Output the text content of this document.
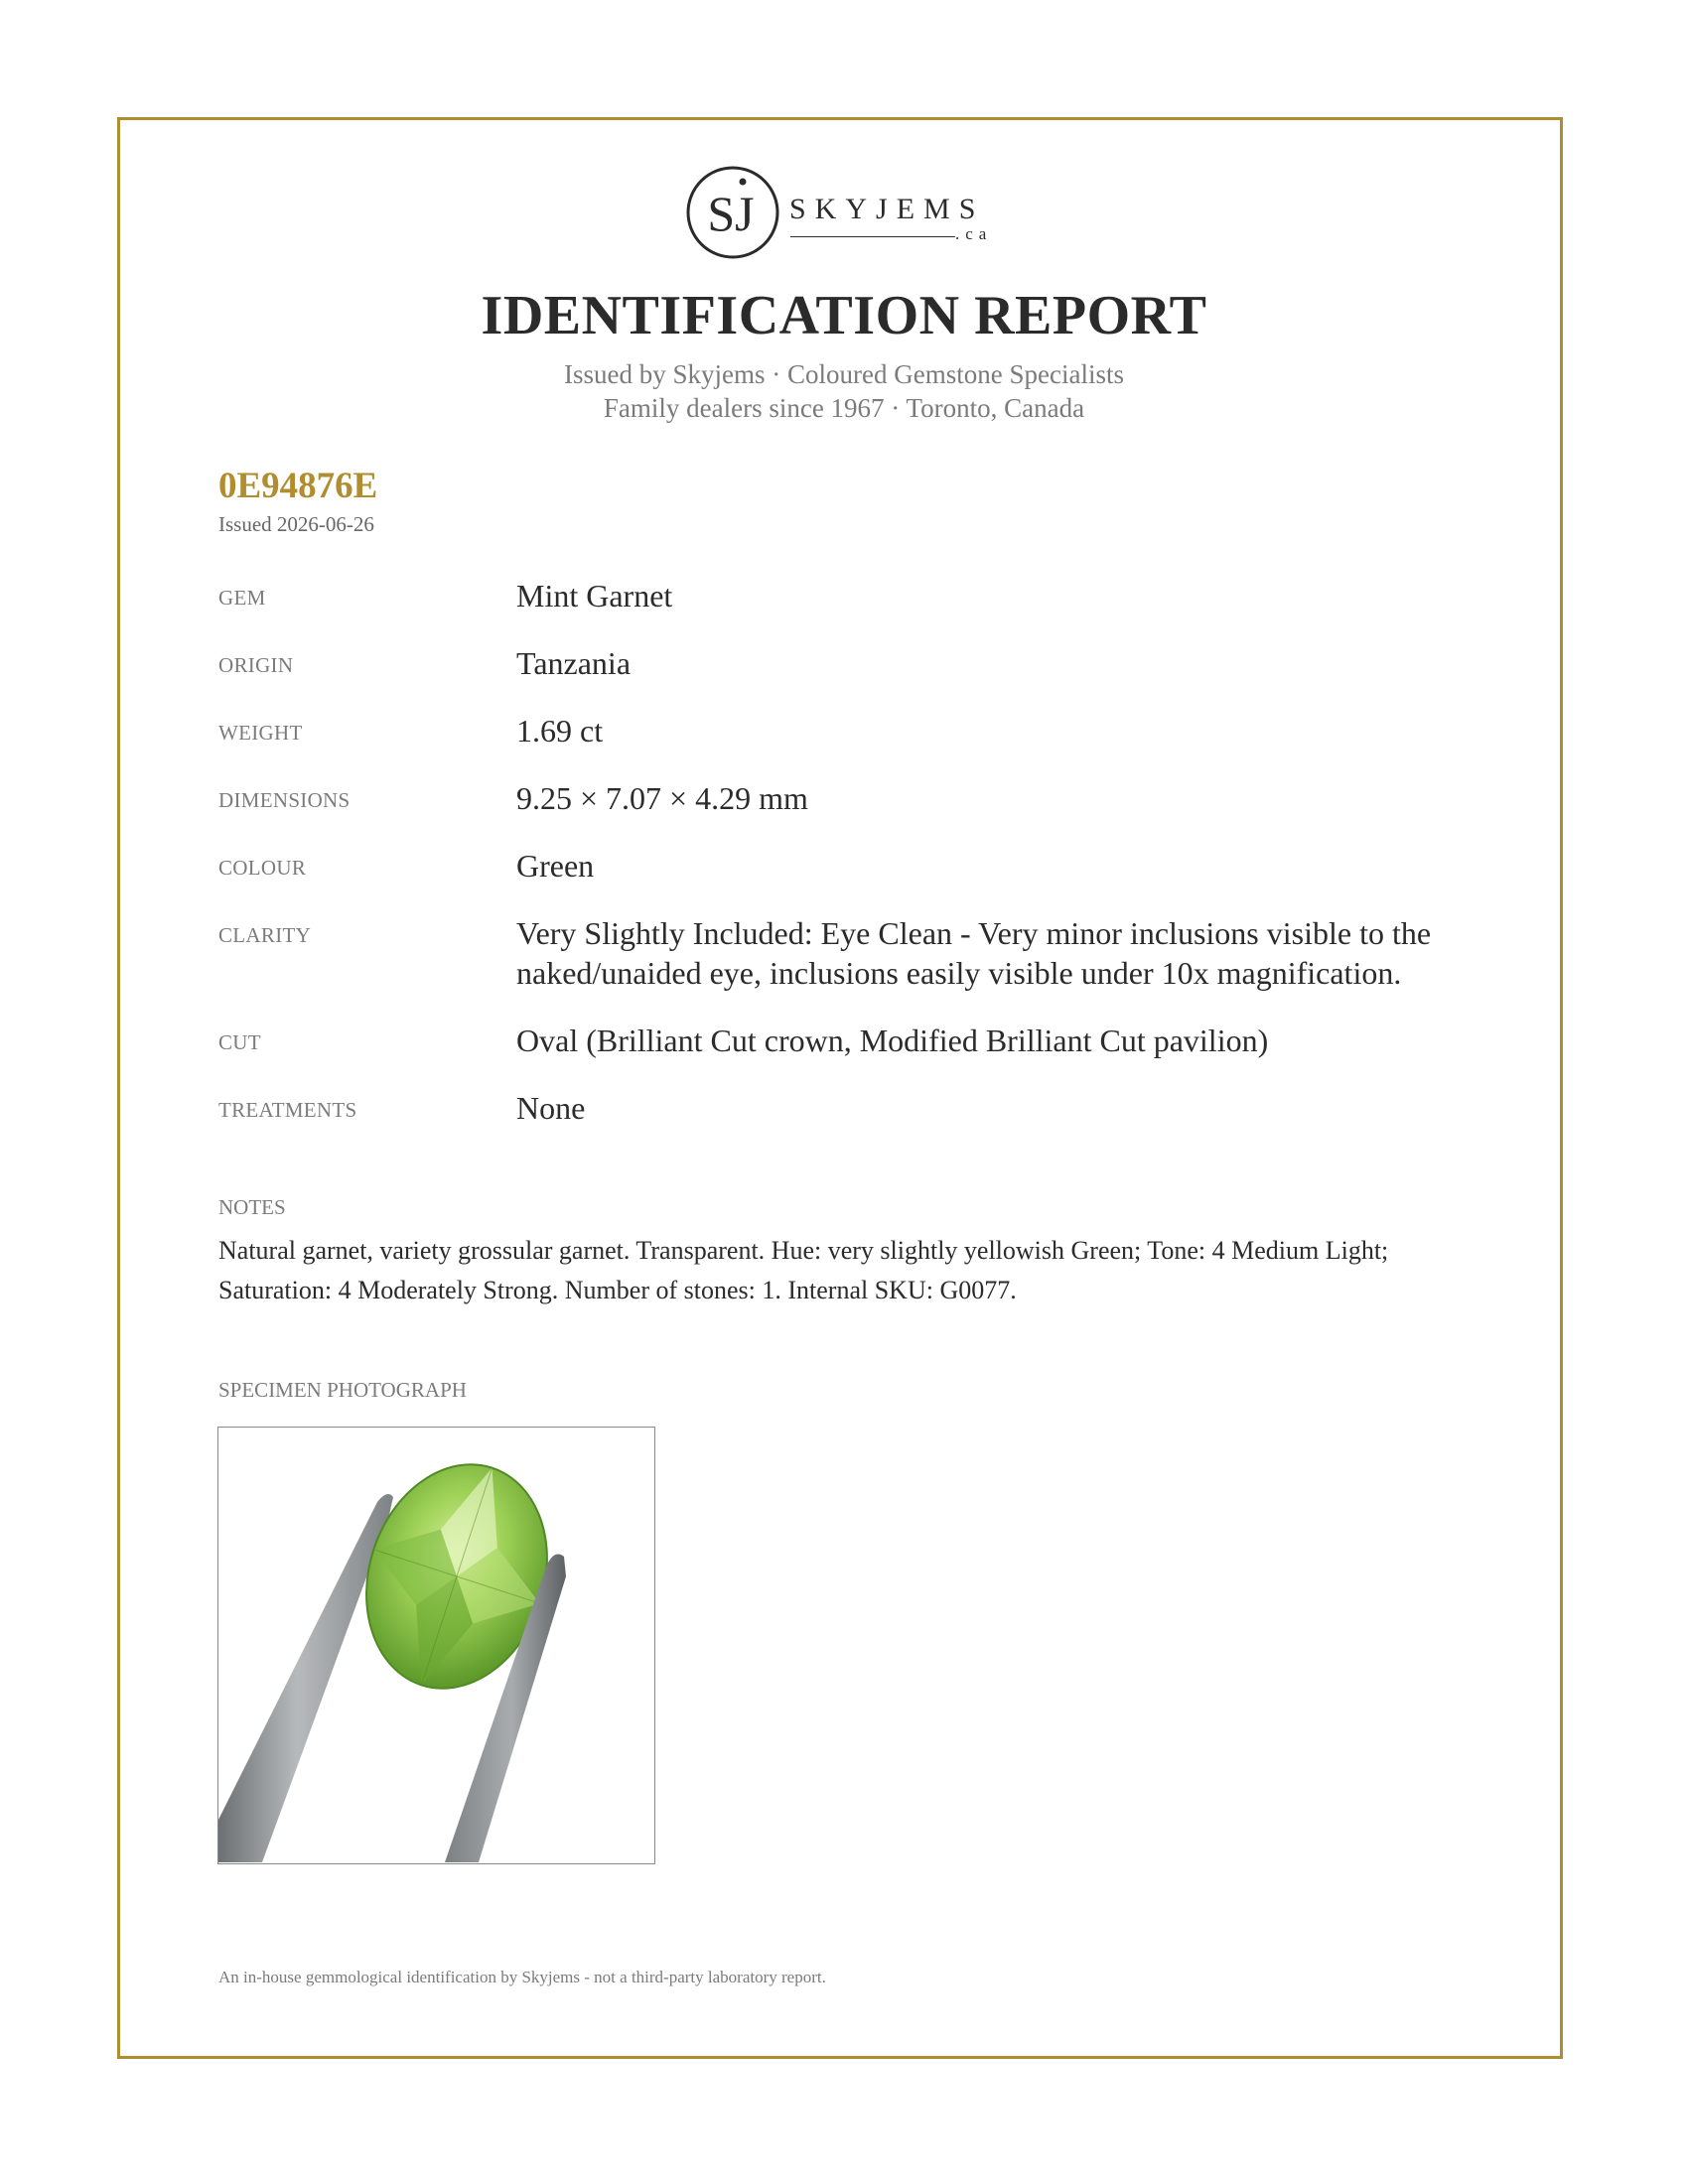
SJ SKYJEMS
.ca
IDENTIFICATION REPORT
Issued by Skyjems · Coloured Gemstone Specialists
Family dealers since 1967 · Toronto, Canada
0E94876E
Issued 2026-06-26
GEM	Mint Garnet
ORIGIN	Tanzania
WEIGHT	1.69 ct
DIMENSIONS	9.25 × 7.07 × 4.29 mm
COLOUR	Green
CLARITY	Very Slightly Included: Eye Clean - Very minor inclusions visible to the naked/unaided eye, inclusions easily visible under 10x magnification.
CUT	Oval (Brilliant Cut crown, Modified Brilliant Cut pavilion)
TREATMENTS	None
NOTES
Natural garnet, variety grossular garnet. Transparent. Hue: very slightly yellowish Green; Tone: 4 Medium Light; Saturation: 4 Moderately Strong. Number of stones: 1. Internal SKU: G0077.
SPECIMEN PHOTOGRAPH
An in-house gemmological identification by Skyjems - not a third-party laboratory report.
